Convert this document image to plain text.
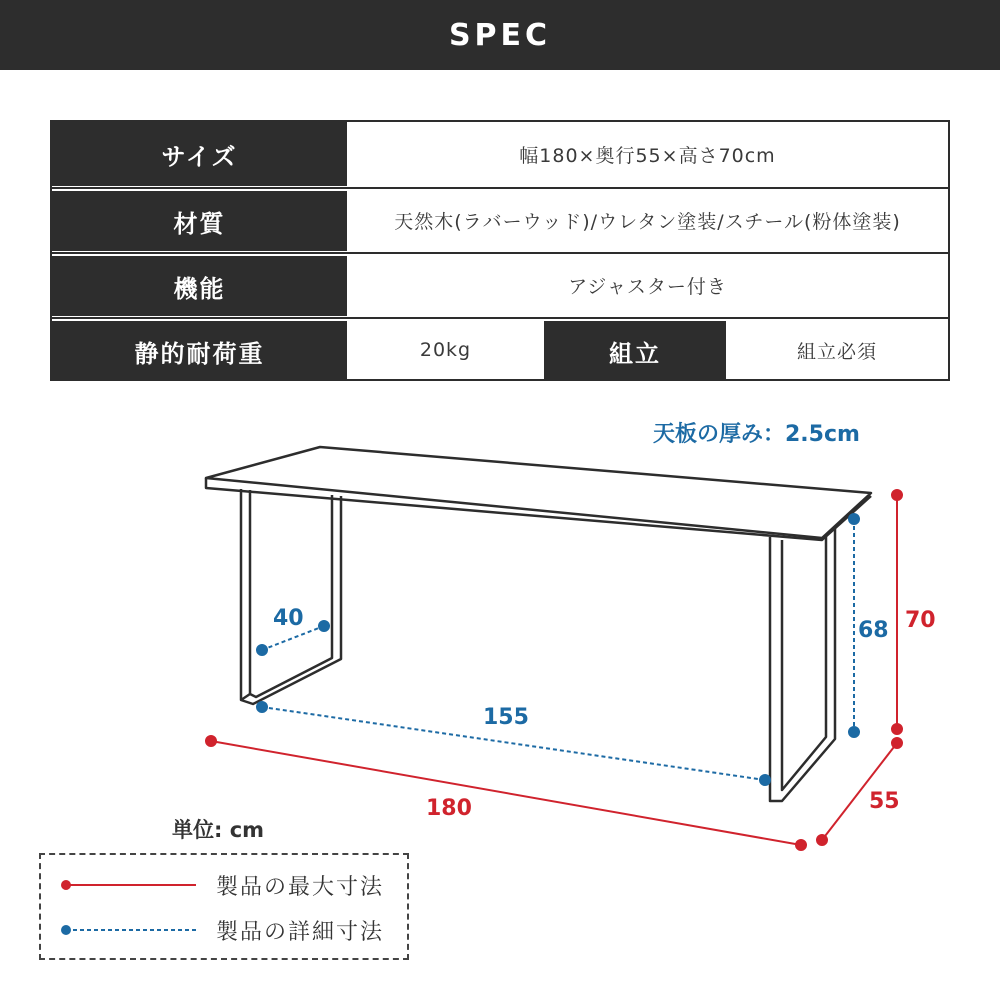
SPEC
サイズ	幅180×奥行55×高さ70cm
材質	天然木(ラバーウッド)/ウレタン塗装/スチール(粉体塗装)
機能	アジャスター付き
静的耐荷重	20kg	組立	組立必須
天板の厚み：2.5cm
40	68 70
155
55
180
単位: cm
製品の最大寸法
製品の詳細寸法
